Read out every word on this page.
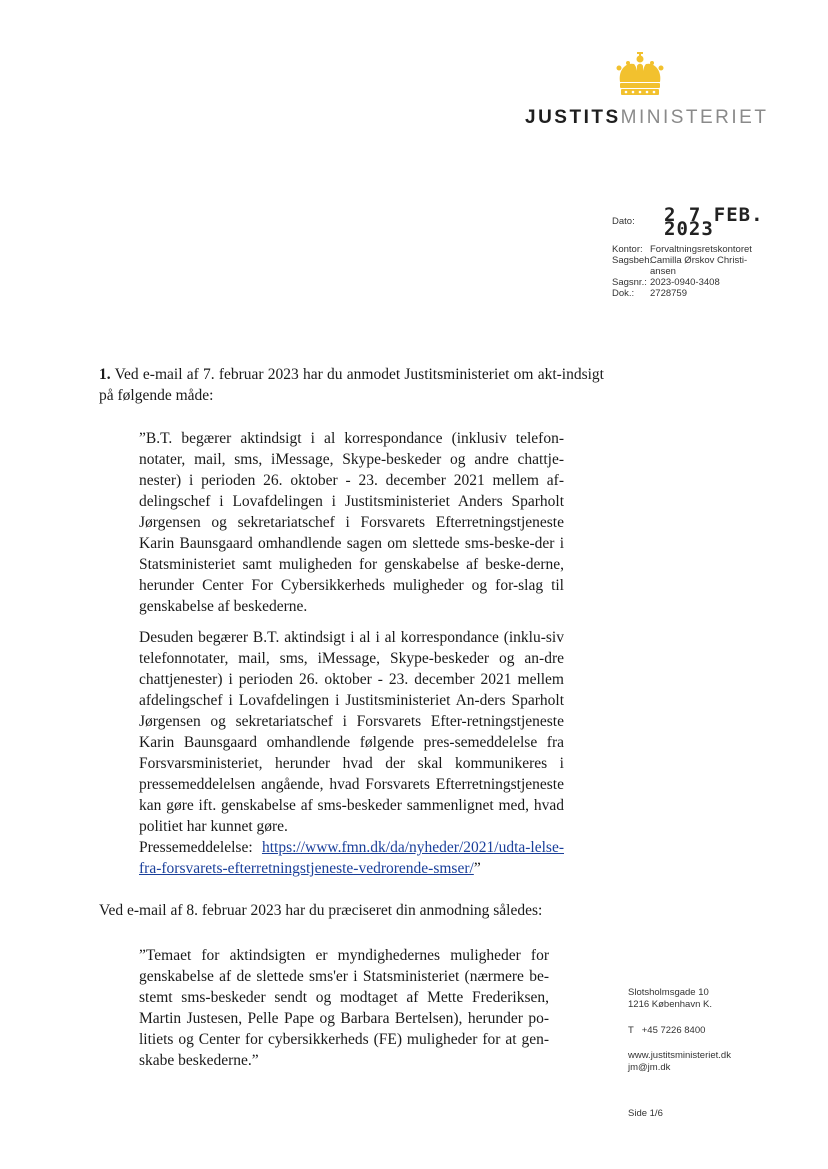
JUSTITSMINISTERIET
Dato:	2 7 FEB. 2023
Kontor: Forvaltningsretskontoret
Sagsbeh:
Camilla Ørskov Christi-
ansen
Sagsnr.: 2023-0940-3408
Dok.:	2728759
1. Ved e-mail af 7. februar 2023 har du anmodet Justitsministeriet om akt-indsigt på følgende måde:
”B.T. begærer aktindsigt i al korrespondance (inklusiv telefon-notater, mail, sms, iMessage, Skype-beskeder og andre chattje-nester) i perioden 26. oktober - 23. december 2021 mellem af-delingschef i Lovafdelingen i Justitsministeriet Anders Sparholt Jørgensen og sekretariatschef i Forsvarets Efterretningstjeneste Karin Baunsgaard omhandlende sagen om slettede sms-beske-der i Statsministeriet samt muligheden for genskabelse af beske-derne, herunder Center For Cybersikkerheds muligheder og for-slag til genskabelse af beskederne.
Desuden begærer B.T. aktindsigt i al i al korrespondance (inklu-siv telefonnotater, mail, sms, iMessage, Skype-beskeder og an-dre chattjenester) i perioden 26. oktober - 23. december 2021 mellem afdelingschef i Lovafdelingen i Justitsministeriet An-ders Sparholt Jørgensen og sekretariatschef i Forsvarets Efter-retningstjeneste Karin Baunsgaard omhandlende følgende pres-semeddelelse fra Forsvarsministeriet, herunder hvad der skal kommunikeres i pressemeddelelsen angående, hvad Forsvarets Efterretningstjeneste kan gøre ift. genskabelse af sms-beskeder sammenlignet med, hvad politiet har kunnet gøre.
Pressemeddelelse: https://www.fmn.dk/da/nyheder/2021/udta-lelse-fra-forsvarets-efterretningstjeneste-vedrorende-smser/”
Ved e-mail af 8. februar 2023 har du præciseret din anmodning således:
”Temaet for aktindsigten er myndighedernes muligheder for genskabelse af de slettede sms'er i Statsministeriet (nærmere be-stemt sms-beskeder sendt og modtaget af Mette Frederiksen, Martin Justesen, Pelle Pape og Barbara Bertelsen), herunder po-litiets og Center for cybersikkerheds (FE) muligheder for at gen-skabe beskederne.”
Slotsholmsgade 10
1216 København K.
T +45 7226 8400
www.justitsministeriet.dk
jm@jm.dk
Side 1/6
